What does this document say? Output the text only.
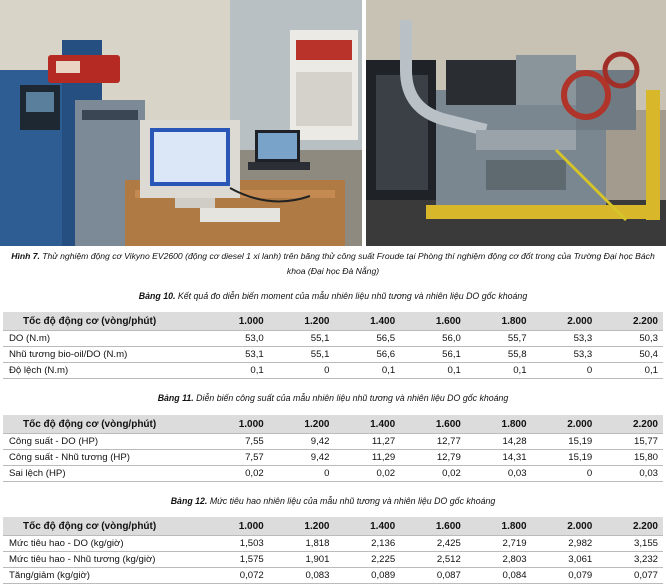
Hình 7. Thử nghiệm động cơ Vikyno EV2600 (động cơ diesel 1 xi lanh) trên băng thử công suất Froude tại Phòng thí nghiệm động cơ đốt trong của Trường Đại học Bách khoa (Đại học Đà Nẵng)
Bảng 10. Kết quả đo diễn biến moment của mẫu nhiên liệu nhũ tương và nhiên liệu DO gốc khoáng
Tốc độ động cơ (vòng/phút)	1.000	1.200	1.400	1.600	1.800	2.000	2.200
DO (N.m)	53,0	55,1	56,5	56,0	55,7	53,3	50,3
Nhũ tương bio-oil/DO (N.m)	53,1	55,1	56,6	56,1	55,8	53,3	50,4
Độ lệch (N.m)	0,1	0	0,1	0,1	0,1	0	0,1
Bảng 11. Diễn biến công suất của mẫu nhiên liệu nhũ tương và nhiên liệu DO gốc khoáng
Tốc độ động cơ (vòng/phút)	1.000	1.200	1.400	1.600	1.800	2.000	2.200
Công suất - DO (HP)	7,55	9,42	11,27	12,77	14,28	15,19	15,77
Công suất - Nhũ tương (HP)	7,57	9,42	11,29	12,79	14,31	15,19	15,80
Sai lệch (HP)	0,02	0	0,02	0,02	0,03	0	0,03
Bảng 12. Mức tiêu hao nhiên liệu của mẫu nhũ tương và nhiên liệu DO gốc khoáng
Tốc độ động cơ (vòng/phút)	1.000	1.200	1.400	1.600	1.800	2.000	2.200
Mức tiêu hao - DO (kg/giờ)	1,503	1,818	2,136	2,425	2,719	2,982	3,155
Mức tiêu hao - Nhũ tương (kg/giờ)	1,575	1,901	2,225	2,512	2,803	3,061	3,232
Tăng/giảm (kg/giờ)	0,072	0,083	0,089	0,087	0,084	0,079	0,077
